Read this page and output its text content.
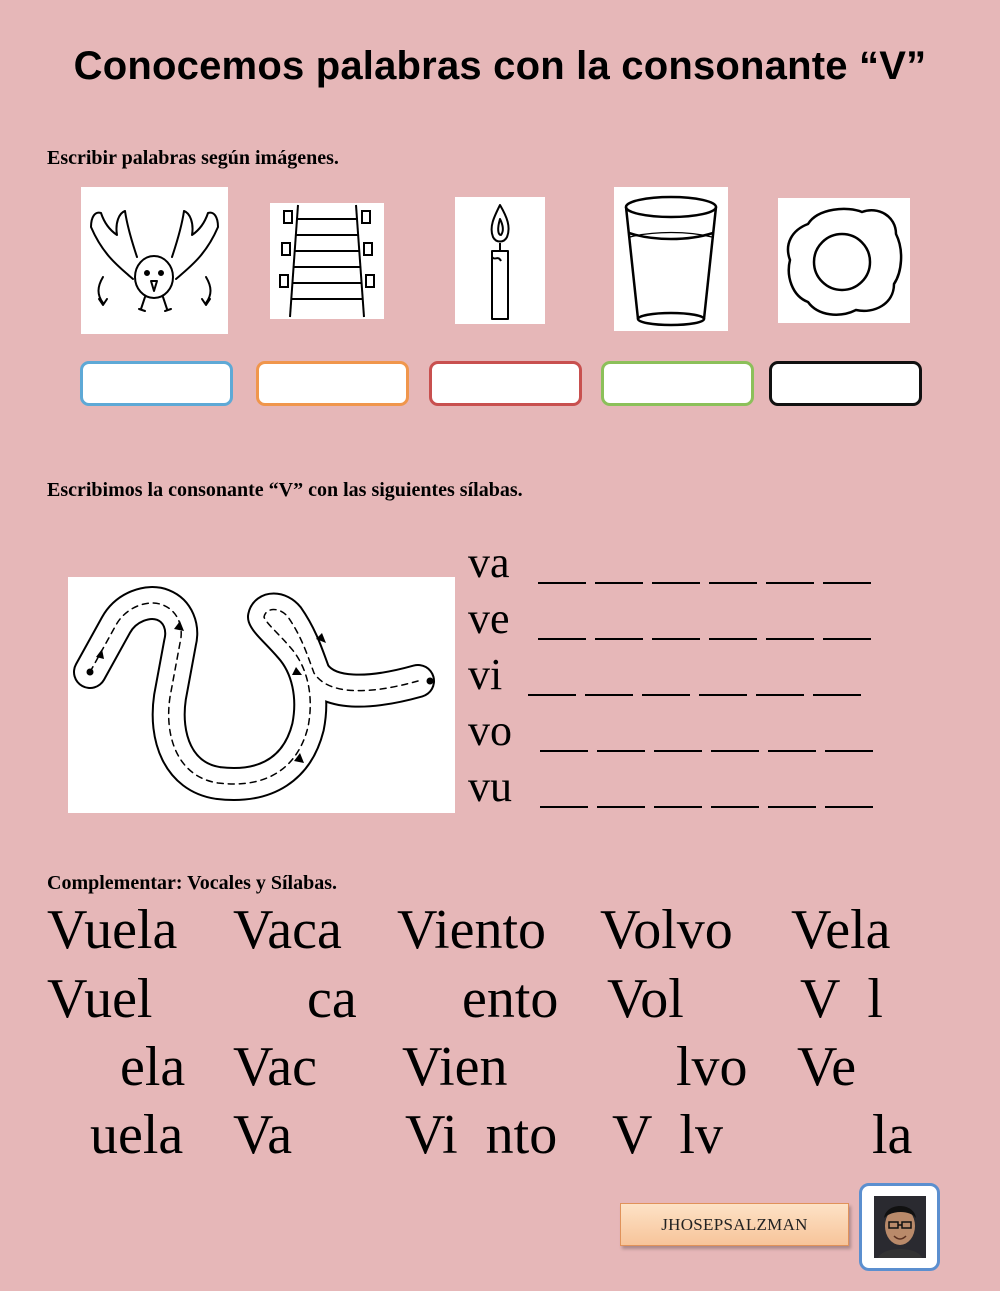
Conocemos palabras con la consonante “V”
Escribir palabras según imágenes.
Escribimos la consonante “V” con las siguientes sílabas.
va
ve
vi
vo
vu
Complementar: Vocales y Sílabas.
Vuela Vaca Viento Volvo Vela
Vuel	ca ento Vol V  l
ela Vac Vien	lvo Ve
uela Va Vi  nto V  lv	la
JHOSEPSALZMAN
